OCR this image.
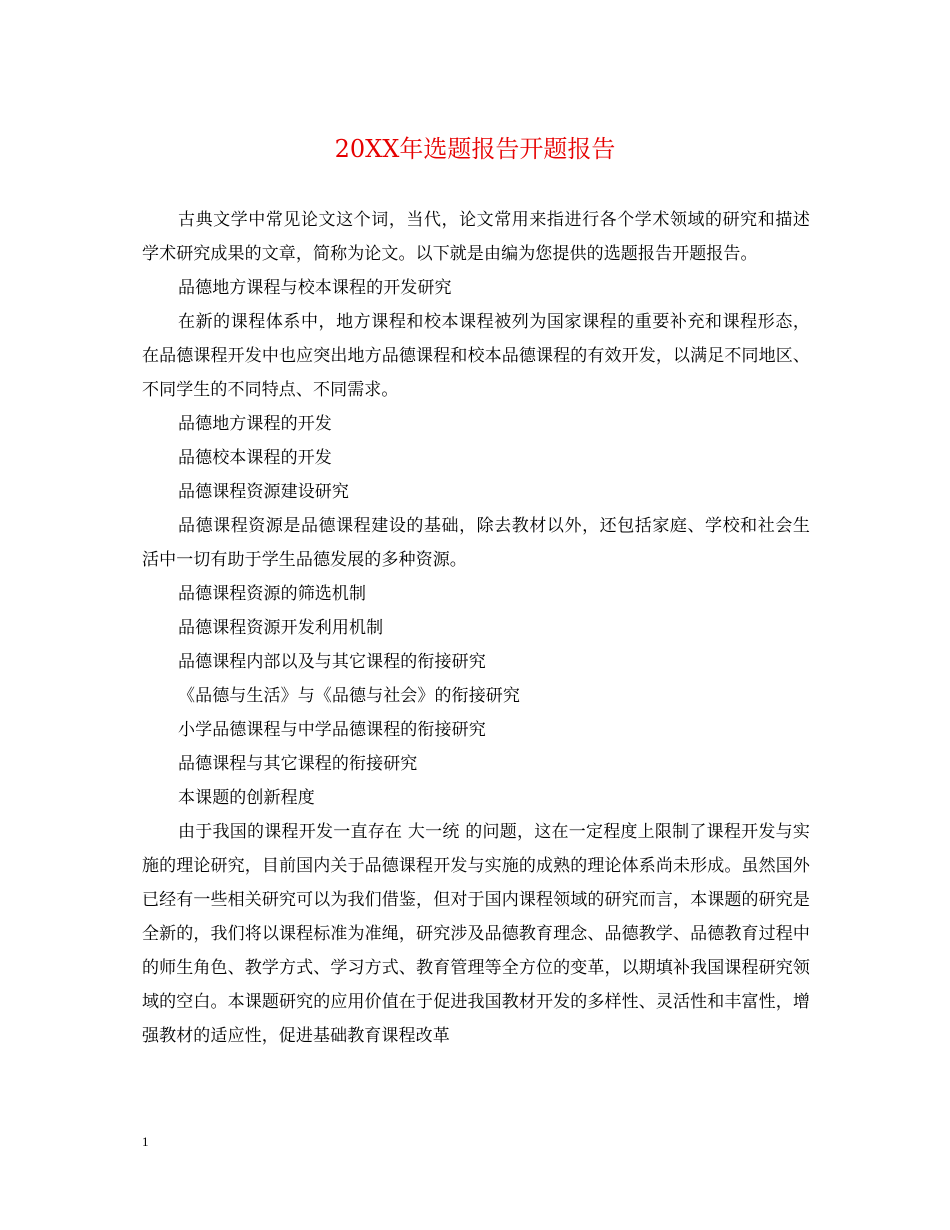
20XX年选题报告开题报告

古典文学中常见论文这个词，当代，论文常用来指进行各个学术领域的研究和描述学术研究成果的文章，简称为论文。以下就是由编为您提供的选题报告开题报告。

品德地方课程与校本课程的开发研究

在新的课程体系中，地方课程和校本课程被列为国家课程的重要补充和课程形态，在品德课程开发中也应突出地方品德课程和校本品德课程的有效开发，以满足不同地区、不同学生的不同特点、不同需求。

品德地方课程的开发

品德校本课程的开发

品德课程资源建设研究

品德课程资源是品德课程建设的基础，除去教材以外，还包括家庭、学校和社会生活中一切有助于学生品德发展的多种资源。

品德课程资源的筛选机制

品德课程资源开发利用机制

品德课程内部以及与其它课程的衔接研究

《品德与生活》与《品德与社会》的衔接研究

小学品德课程与中学品德课程的衔接研究

品德课程与其它课程的衔接研究

本课题的创新程度

由于我国的课程开发一直存在 大一统 的问题，这在一定程度上限制了课程开发与实施的理论研究，目前国内关于品德课程开发与实施的成熟的理论体系尚未形成。虽然国外已经有一些相关研究可以为我们借鉴，但对于国内课程领域的研究而言，本课题的研究是全新的，我们将以课程标准为准绳，研究涉及品德教育理念、品德教学、品德教育过程中的师生角色、教学方式、学习方式、教育管理等全方位的变革，以期填补我国课程研究领域的空白。本课题研究的应用价值在于促进我国教材开发的多样性、灵活性和丰富性，增强教材的适应性，促进基础教育课程改革

1
